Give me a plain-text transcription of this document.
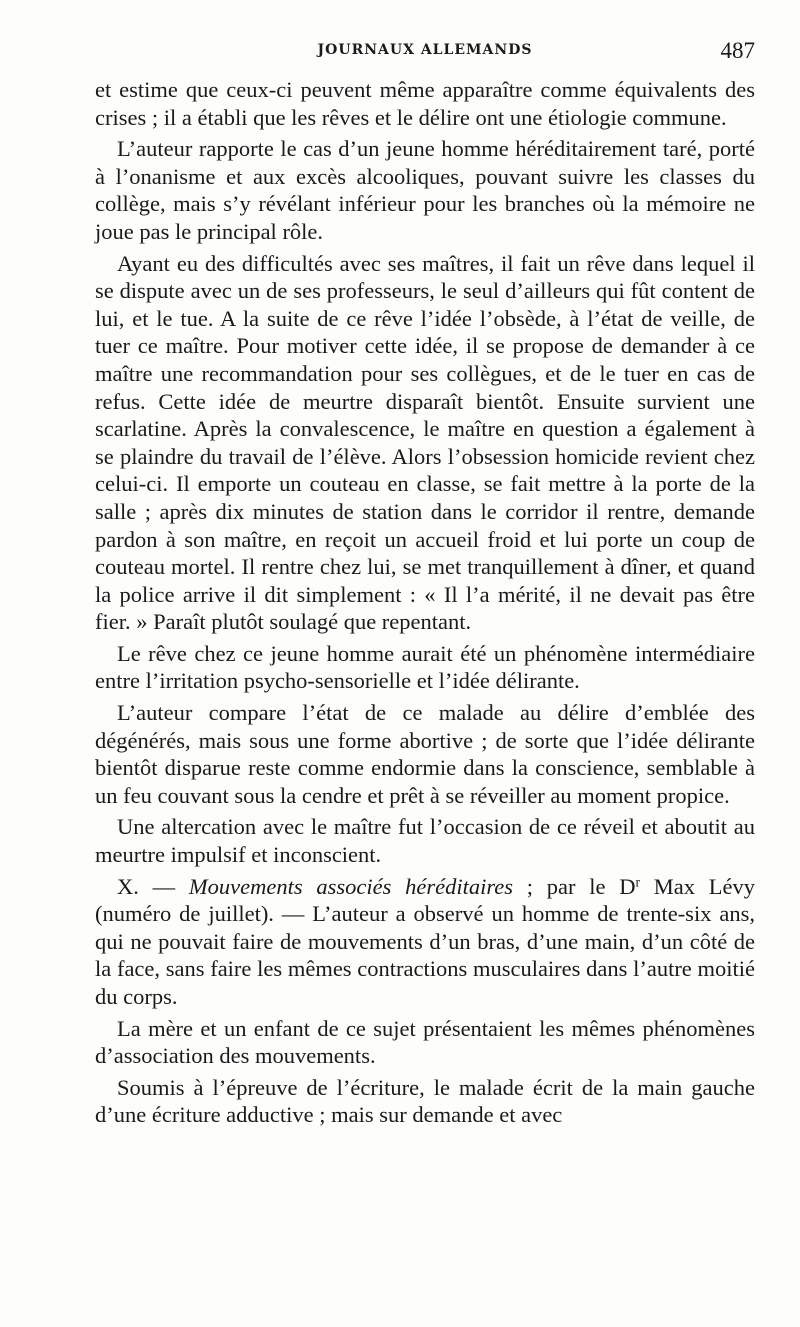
JOURNAUX ALLEMANDS	487

et estime que ceux-ci peuvent même apparaître comme équivalents des crises ; il a établi que les rêves et le délire ont une étiologie commune.

L’auteur rapporte le cas d’un jeune homme héréditairement taré, porté à l’onanisme et aux excès alcooliques, pouvant suivre les classes du collège, mais s’y révélant inférieur pour les branches où la mémoire ne joue pas le principal rôle.

Ayant eu des difficultés avec ses maîtres, il fait un rêve dans lequel il se dispute avec un de ses professeurs, le seul d’ailleurs qui fût content de lui, et le tue. A la suite de ce rêve l’idée l’obsède, à l’état de veille, de tuer ce maître. Pour motiver cette idée, il se propose de demander à ce maître une recommandation pour ses collègues, et de le tuer en cas de refus. Cette idée de meurtre disparaît bientôt. Ensuite survient une scarlatine. Après la convalescence, le maître en question a également à se plaindre du travail de l’élève. Alors l’obsession homicide revient chez celui-ci. Il emporte un couteau en classe, se fait mettre à la porte de la salle ; après dix minutes de station dans le corridor il rentre, demande pardon à son maître, en reçoit un accueil froid et lui porte un coup de couteau mortel. Il rentre chez lui, se met tranquillement à dîner, et quand la police arrive il dit simplement : « Il l’a mérité, il ne devait pas être fier. » Paraît plutôt soulagé que repentant.

Le rêve chez ce jeune homme aurait été un phénomène intermédiaire entre l’irritation psycho-sensorielle et l’idée délirante.

L’auteur compare l’état de ce malade au délire d’emblée des dégénérés, mais sous une forme abortive ; de sorte que l’idée délirante bientôt disparue reste comme endormie dans la conscience, semblable à un feu couvant sous la cendre et prêt à se réveiller au moment propice.

Une altercation avec le maître fut l’occasion de ce réveil et aboutit au meurtre impulsif et inconscient.

X. — Mouvements associés héréditaires ; par le $D^r$ Max Lévy (numéro de juillet). — L’auteur a observé un homme de trente-six ans, qui ne pouvait faire de mouvements d’un bras, d’une main, d’un côté de la face, sans faire les mêmes contractions musculaires dans l’autre moitié du corps.

La mère et un enfant de ce sujet présentaient les mêmes phénomènes d’association des mouvements.

Soumis à l’épreuve de l’écriture, le malade écrit de la main gauche d’une écriture adductive ; mais sur demande et avec
